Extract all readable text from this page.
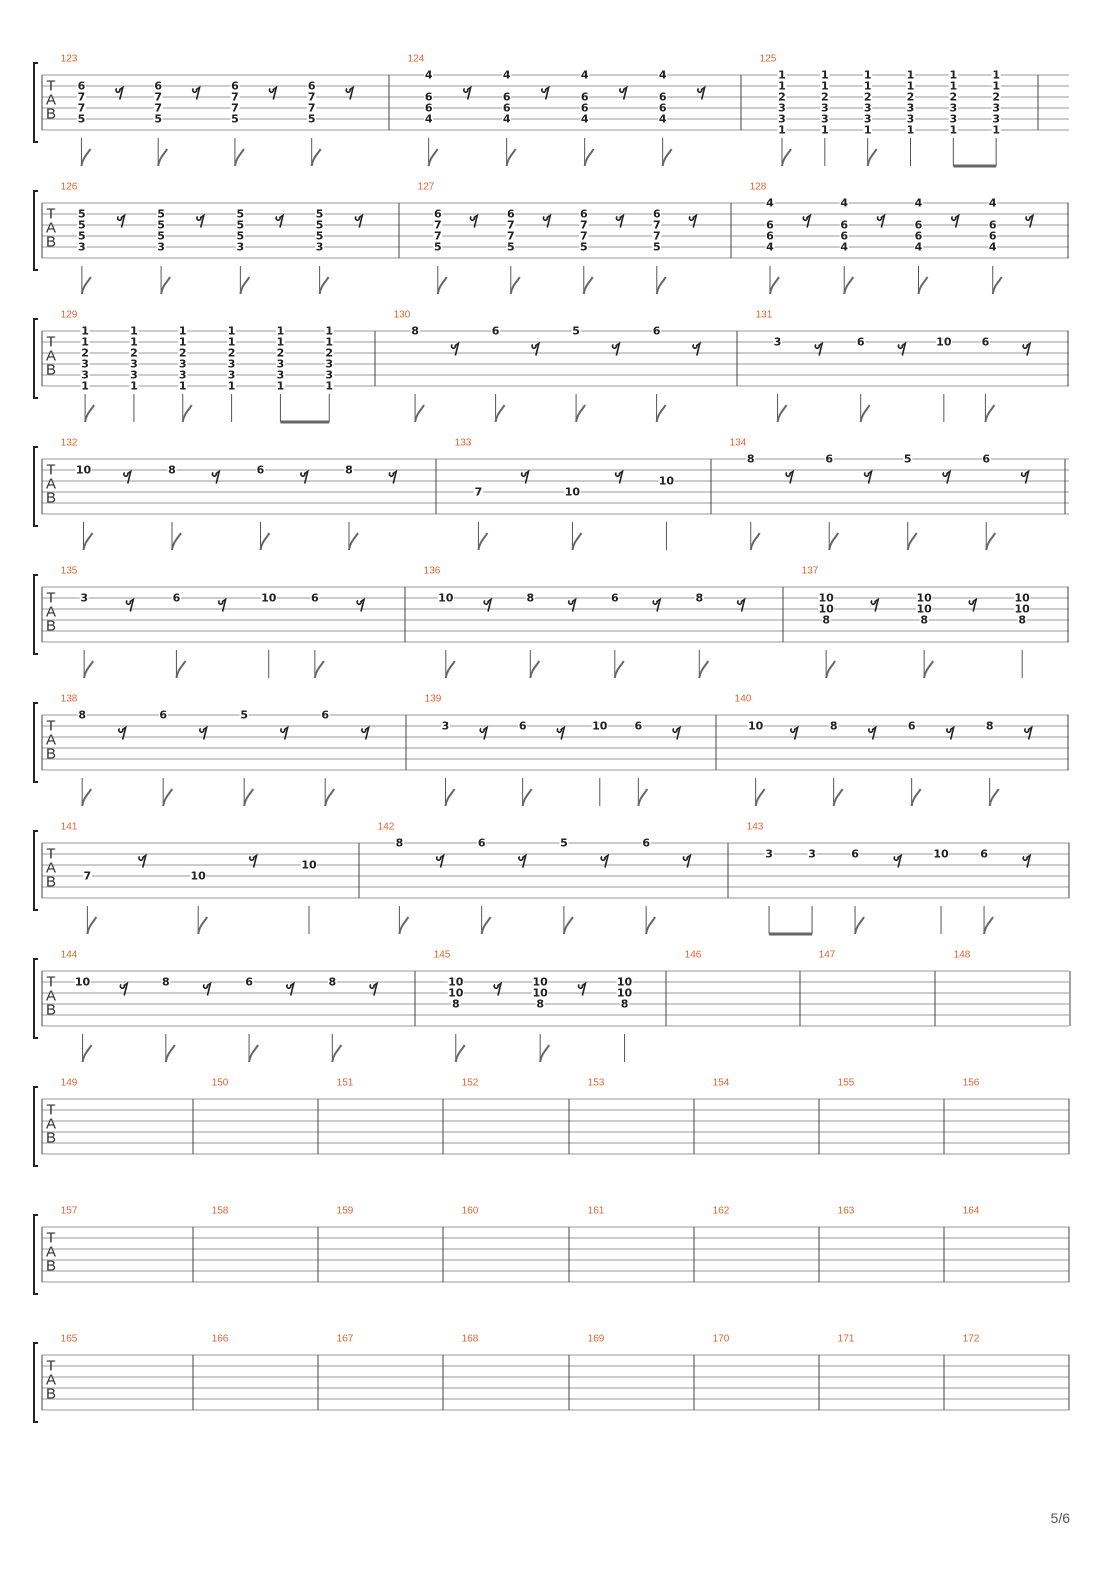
T
A
B
123
6
7
7
5
6
7
7
5
6
7
7
5
6
7
7
5
124
4
6
6
4
4
6
6
4
4
6
6
4
4
6
6
4
125
1
1
2
3
3
1
1
1
2
3
3
1
1
1
2
3
3
1
1
1
2
3
3
1
1
1
2
3
3
1
1
1
2
3
3
1
T
A
B
126
5
5
5
3
5
5
5
3
5
5
5
3
5
5
5
3
127
6
7
7
5
6
7
7
5
6
7
7
5
6
7
7
5
128
4
6
6
4
4
6
6
4
4
6
6
4
4
6
6
4
T
A
B
129
1
1
2
3
3
1
1
1
2
3
3
1
1
1
2
3
3
1
1
1
2
3
3
1
1
1
2
3
3
1
1
1
2
3
3
1
130
8	6	5	6
131
3	6	10	6
T
A
B
132
10	8	6	8
133
7	10
10
134
8	6	5	6
T
A
B
135
3	6	10	6
136
10	8	6	8
137
10
10
8
10
10
8
10
10
8
T
A
B
138
8	6	5	6
139
3	6	10 6
140
10	8	6	8
T
A
B
141
7	10
10
142
8	6	5	6
143
3	3	6	10	6
T
A
B
144
10	8	6	8
145
10
10
8
10
10
8
10
10
8
146	147	148
T
A
B
149	150	151	152	153	154	155	156
T
A
B
157	158	159	160	161	162	163	164
T
A
B
165	166	167	168	169	170	171	172
5/6
